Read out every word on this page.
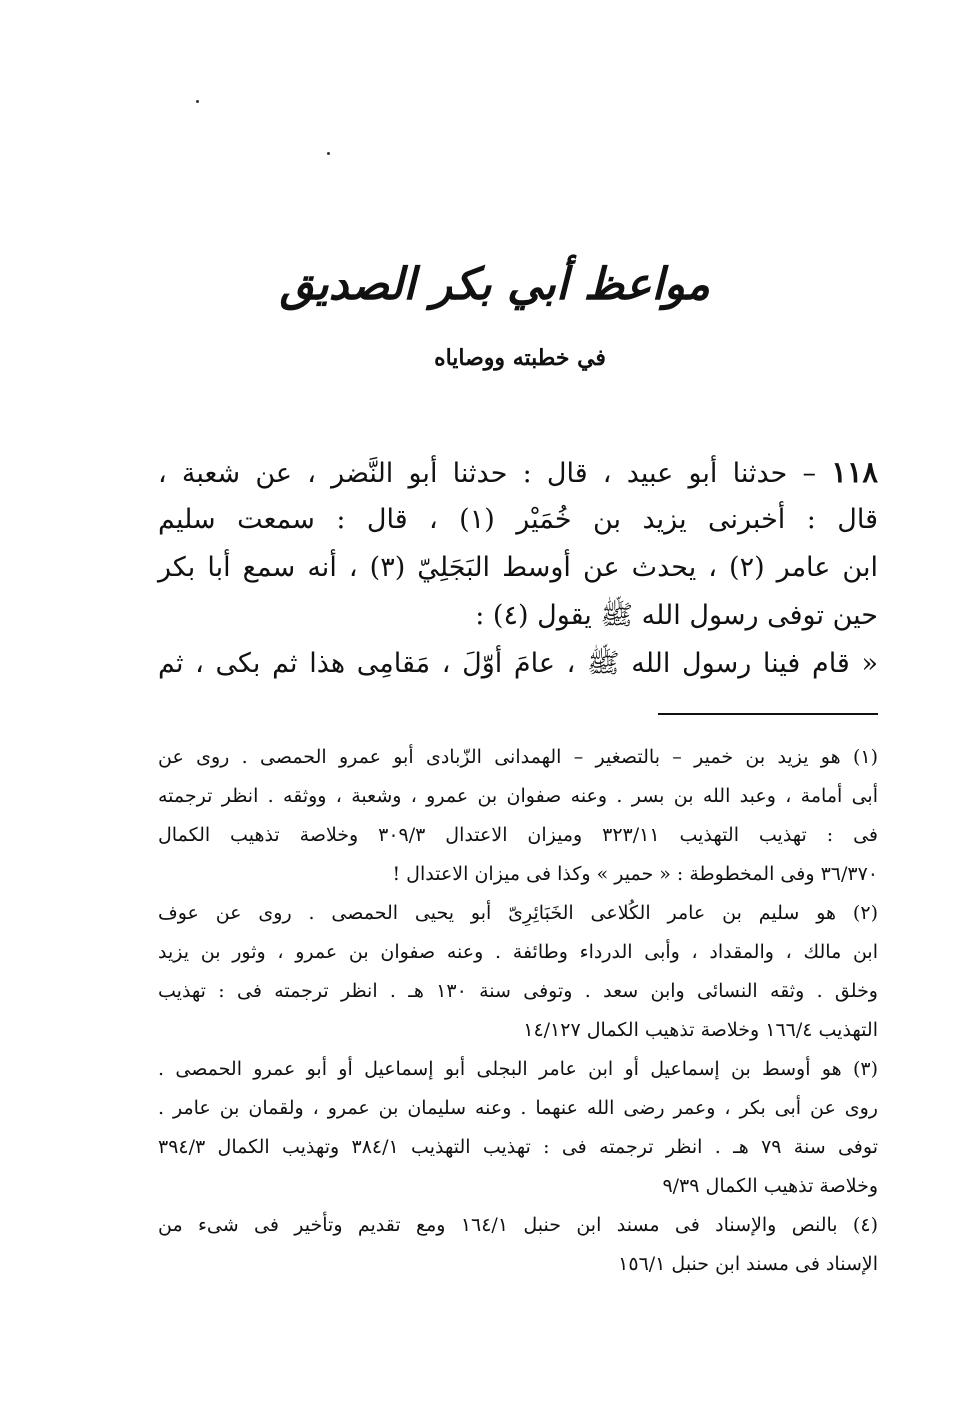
مواعظ أبي بكر الصديق
في خطبته ووصاياه
١١٨ – حدثنا أبو عبيد ، قال : حدثنا أبو النَّضر ، عن شعبة ،
قال : أخبرنى يزيد بن خُمَيْر (١) ، قال : سمعت سليم
ابن عامر (٢) ، يحدث عن أوسط البَجَلِيّ (٣) ، أنه سمع أبا بكر
حين توفى رسول الله ﷺ يقول (٤) :
« قام فينا رسول الله ﷺ ، عامَ أوّلَ ، مَقامِى هذا ثم بكى ، ثم
(١) هو يزيد بن خمير – بالتصغير – الهمدانى الزّبادى أبو عمرو الحمصى . روى عن
أبى أمامة ، وعبد الله بن بسر . وعنه صفوان بن عمرو ، وشعبة ، ووثقه . انظر ترجمته
فى : تهذيب التهذيب ٣٢٣/١١ وميزان الاعتدال ٣٠٩/٣ وخلاصة تذهيب الكمال
٣٦/٣٧٠ وفى المخطوطة : « حمير » وكذا فى ميزان الاعتدال !
(٢) هو سليم بن عامر الكُلاعى الخَبَائِرِىّ أبو يحيى الحمصى . روى عن عوف
ابن مالك ، والمقداد ، وأبى الدرداء وطائفة . وعنه صفوان بن عمرو ، وثور بن يزيد
وخلق . وثقه النسائى وابن سعد . وتوفى سنة ١٣٠ هـ . انظر ترجمته فى : تهذيب
التهذيب ١٦٦/٤ وخلاصة تذهيب الكمال ١٤/١٢٧
(٣) هو أوسط بن إسماعيل أو ابن عامر البجلى أبو إسماعيل أو أبو عمرو الحمصى .
روى عن أبى بكر ، وعمر رضى الله عنهما . وعنه سليمان بن عمرو ، ولقمان بن عامر .
توفى سنة ٧٩ هـ . انظر ترجمته فى : تهذيب التهذيب ٣٨٤/١ وتهذيب الكمال ٣٩٤/٣
وخلاصة تذهيب الكمال ٩/٣٩
(٤) بالنص والإسناد فى مسند ابن حنبل ١٦٤/١ ومع تقديم وتأخير فى شىء من
الإسناد فى مسند ابن حنبل ١٥٦/١
